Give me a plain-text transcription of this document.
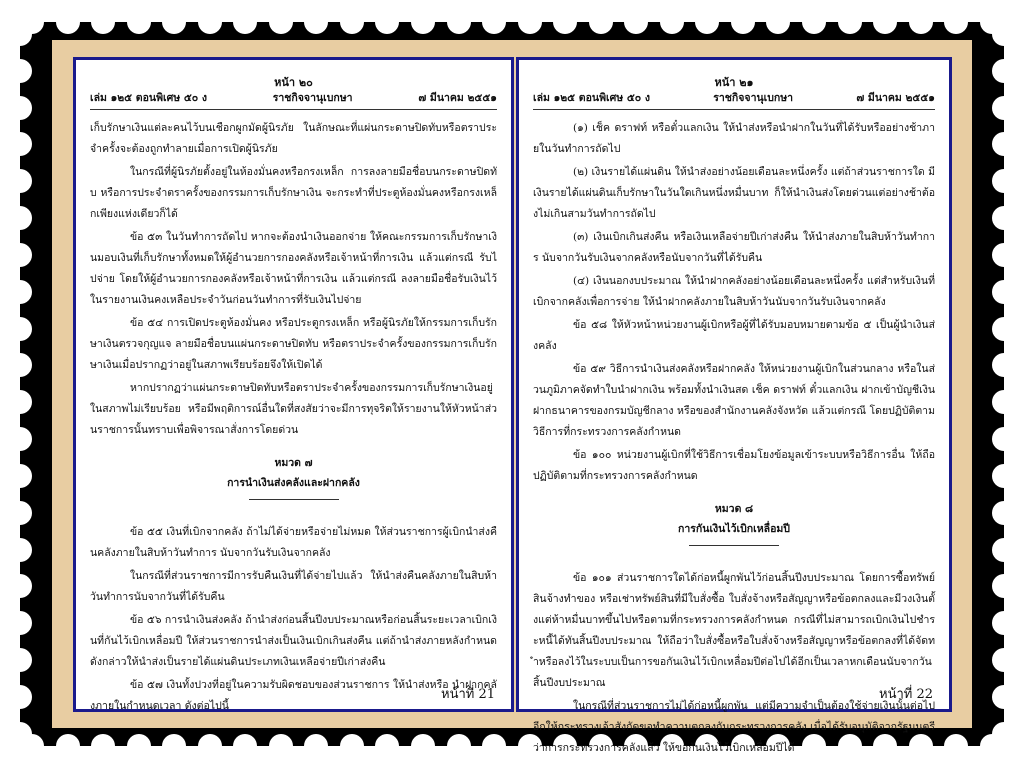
หน้า ๒๐
เล่ม ๑๒๕ ตอนพิเศษ ๕๐ ง	ราชกิจจานุเบกษา	๗ มีนาคม ๒๕๕๑

เก็บรักษาเงินแต่ละคนไว้บนเชือกผูกมัดผู้นิรภัย ในลักษณะที่แผ่นกระดาษปิดทับหรือตราประจำครั้งจะต้องถูกทำลายเมื่อการเปิดผู้นิรภัย

ในกรณีที่ผู้นิรภัยตั้งอยู่ในห้องมั่นคงหรือกรงเหล็ก การลงลายมือชื่อบนกระดาษปิดทับ หรือการประจำตราครั้งของกรรมการเก็บรักษาเงิน จะกระทำที่ประตูห้องมั่นคงหรือกรงเหล็กเพียงแห่งเดียวก็ได้

ข้อ ๕๓ ในวันทำการถัดไป หากจะต้องนำเงินออกจ่าย ให้คณะกรรมการเก็บรักษาเงินมอบเงินที่เก็บรักษาทั้งหมดให้ผู้อำนวยการกองคลังหรือเจ้าหน้าที่การเงิน แล้วแต่กรณี รับไปจ่าย โดยให้ผู้อำนวยการกองคลังหรือเจ้าหน้าที่การเงิน แล้วแต่กรณี ลงลายมือชื่อรับเงินไว้ในรายงานเงินคงเหลือประจำวันก่อนวันทำการที่รับเงินไปจ่าย

ข้อ ๕๔ การเปิดประตูห้องมั่นคง หรือประตูกรงเหล็ก หรือผู้นิรภัยให้กรรมการเก็บรักษาเงินตรวจกุญแจ ลายมือชื่อบนแผ่นกระดาษปิดทับ หรือตราประจำครั้งของกรรมการเก็บรักษาเงินเมื่อปรากฏว่าอยู่ในสภาพเรียบร้อยจึงให้เปิดได้

หากปรากฏว่าแผ่นกระดาษปิดทับหรือตราประจำครั้งของกรรมการเก็บรักษาเงินอยู่ในสภาพไม่เรียบร้อย หรือมีพฤติการณ์อื่นใดที่สงสัยว่าจะมีการทุจริตให้รายงานให้หัวหน้าส่วนราชการนั้นทราบเพื่อพิจารณาสั่งการโดยด่วน

หมวด ๗
การนำเงินส่งคลังและฝากคลัง

ข้อ ๕๕ เงินที่เบิกจากคลัง ถ้าไม่ได้จ่ายหรือจ่ายไม่หมด ให้ส่วนราชการผู้เบิกนำส่งคืนคลังภายในสิบห้าวันทำการ นับจากวันรับเงินจากคลัง

ในกรณีที่ส่วนราชการมีการรับคืนเงินที่ได้จ่ายไปแล้ว ให้นำส่งคืนคลังภายในสิบห้าวันทำการนับจากวันที่ได้รับคืน

ข้อ ๕๖ การนำเงินส่งคลัง ถ้านำส่งก่อนสิ้นปีงบประมาณหรือก่อนสิ้นระยะเวลาเบิกเงินที่กันไว้เบิกเหลื่อมปี ให้ส่วนราชการนำส่งเป็นเงินเบิกเกินส่งคืน แต่ถ้านำส่งภายหลังกำหนดดังกล่าวให้นำส่งเป็นรายได้แผ่นดินประเภทเงินเหลือจ่ายปีเก่าส่งคืน

ข้อ ๕๗ เงินทั้งปวงที่อยู่ในความรับผิดชอบของส่วนราชการ ให้นำส่งหรือ นำฝากคลังภายในกำหนดเวลา ดังต่อไปนี้

หน้าที่ 21
หน้า ๒๑
เล่ม ๑๒๕ ตอนพิเศษ ๕๐ ง	ราชกิจจานุเบกษา	๗ มีนาคม ๒๕๕๑

(๑) เช็ค ดราฟท์ หรือตั๋วแลกเงิน ให้นำส่งหรือนำฝากในวันที่ได้รับหรืออย่างช้าภายในวันทำการถัดไป

(๒) เงินรายได้แผ่นดิน ให้นำส่งอย่างน้อยเดือนละหนึ่งครั้ง แต่ถ้าส่วนราชการใด มีเงินรายได้แผ่นดินเก็บรักษาในวันใดเกินหนึ่งหมื่นบาท ก็ให้นำเงินส่งโดยด่วนแต่อย่างช้าต้องไม่เกินสามวันทำการถัดไป

(๓) เงินเบิกเกินส่งคืน หรือเงินเหลือจ่ายปีเก่าส่งคืน ให้นำส่งภายในสิบห้าวันทำการ นับจากวันรับเงินจากคลังหรือนับจากวันที่ได้รับคืน

(๔) เงินนอกงบประมาณ ให้นำฝากคลังอย่างน้อยเดือนละหนึ่งครั้ง แต่สำหรับเงินที่เบิกจากคลังเพื่อการจ่าย ให้นำฝากคลังภายในสิบห้าวันนับจากวันรับเงินจากคลัง

ข้อ ๕๘ ให้หัวหน้าหน่วยงานผู้เบิกหรือผู้ที่ได้รับมอบหมายตามข้อ ๕ เป็นผู้นำเงินส่งคลัง

ข้อ ๕๙ วิธีการนำเงินส่งคลังหรือฝากคลัง ให้หน่วยงานผู้เบิกในส่วนกลาง หรือในส่วนภูมิภาคจัดทำใบนำฝากเงิน พร้อมทั้งนำเงินสด เช็ค ดราฟท์ ตั๋วแลกเงิน ฝากเข้าบัญชีเงินฝากธนาคารของกรมบัญชีกลาง หรือของสำนักงานคลังจังหวัด แล้วแต่กรณี โดยปฏิบัติตามวิธีการที่กระทรวงการคลังกำหนด

ข้อ ๑๐๐ หน่วยงานผู้เบิกที่ใช้วิธีการเชื่อมโยงข้อมูลเข้าระบบหรือวิธีการอื่น ให้ถือปฏิบัติตามที่กระทรวงการคลังกำหนด

หมวด ๘
การกันเงินไว้เบิกเหลื่อมปี

ข้อ ๑๐๑ ส่วนราชการใดได้ก่อหนี้ผูกพันไว้ก่อนสิ้นปีงบประมาณ โดยการซื้อทรัพย์สินจ้างทำของ หรือเช่าทรัพย์สินที่มีใบสั่งซื้อ ใบสั่งจ้างหรือสัญญาหรือข้อตกลงและมีวงเงินตั้งแต่ห้าหมื่นบาทขึ้นไปหรือตามที่กระทรวงการคลังกำหนด กรณีที่ไม่สามารถเบิกเงินไปชำระหนี้ได้ทันสิ้นปีงบประมาณ ให้ถือว่าใบสั่งซื้อหรือใบสั่งจ้างหรือสัญญาหรือข้อตกลงที่ได้จัดทำหรือลงไว้ในระบบเป็นการขอกันเงินไว้เบิกเหลื่อมปีต่อไปได้อีกเป็นเวลาหกเดือนนับจากวันสิ้นปีงบประมาณ

ในกรณีที่ส่วนราชการไม่ได้ก่อหนี้ผูกพัน แต่มีความจำเป็นต้องใช้จ่ายเงินนั้นต่อไปอีกให้กระทรวงเจ้าสังกัดขอทำความตกลงกับกระทรวงการคลัง เมื่อได้รับอนุมัติจากรัฐมนตรีว่าการกระทรวงการคลังแล้ว ให้ขอกันเงินไว้เบิกเหลื่อมปีได้

หน้าที่ 22
